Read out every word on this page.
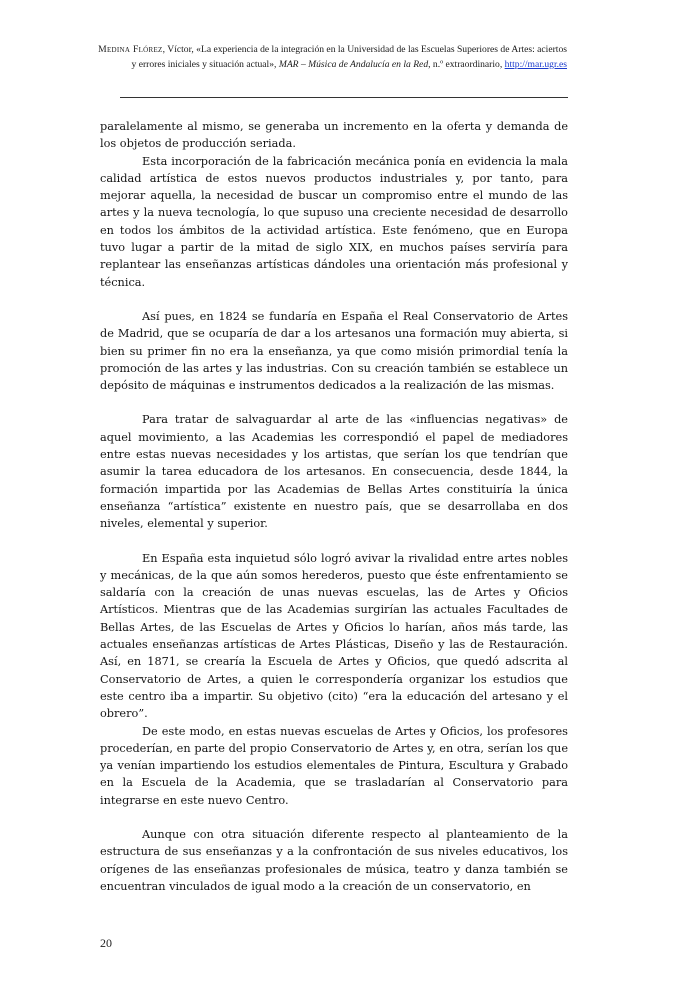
Medina Flórez, Víctor, «La experiencia de la integración en la Universidad de las Escuelas Superiores de Artes: aciertos y errores iniciales y situación actual», MAR – Música de Andalucía en la Red, n.º extraordinario, http://mar.ugr.es

paralelamente al mismo, se generaba un incremento en la oferta y demanda de los objetos de producción seriada.

Esta incorporación de la fabricación mecánica ponía en evidencia la mala calidad artística de estos nuevos productos industriales y, por tanto, para mejorar aquella, la necesidad de buscar un compromiso entre el mundo de las artes y la nueva tecnología, lo que supuso una creciente necesidad de desarrollo en todos los ámbitos de la actividad artística. Este fenómeno, que en Europa tuvo lugar a partir de la mitad de siglo XIX, en muchos países serviría para replantear las enseñanzas artísticas dándoles una orientación más profesional y técnica.

Así pues, en 1824 se fundaría en España el Real Conservatorio de Artes de Madrid, que se ocuparía de dar a los artesanos una formación muy abierta, si bien su primer fin no era la enseñanza, ya que como misión primordial tenía la promoción de las artes y las industrias. Con su creación también se establece un depósito de máquinas e instrumentos dedicados a la realización de las mismas.

Para tratar de salvaguardar al arte de las «influencias negativas» de aquel movimiento, a las Academias les correspondió el papel de mediadores entre estas nuevas necesidades y los artistas, que serían los que tendrían que asumir la tarea educadora de los artesanos. En consecuencia, desde 1844, la formación impartida por las Academias de Bellas Artes constituiría la única enseñanza “artística” existente en nuestro país, que se desarrollaba en dos niveles, elemental y superior.

En España esta inquietud sólo logró avivar la rivalidad entre artes nobles y mecánicas, de la que aún somos herederos, puesto que éste enfrentamiento se saldaría con la creación de unas nuevas escuelas, las de Artes y Oficios Artísticos. Mientras que de las Academias surgirían las actuales Facultades de Bellas Artes, de las Escuelas de Artes y Oficios lo harían, años más tarde, las actuales enseñanzas artísticas de Artes Plásticas, Diseño y las de Restauración. Así, en 1871, se crearía la Escuela de Artes y Oficios, que quedó adscrita al Conservatorio de Artes, a quien le correspondería organizar los estudios que este centro iba a impartir. Su objetivo (cito) “era la educación del artesano y el obrero”.

De este modo, en estas nuevas escuelas de Artes y Oficios, los profesores procederían, en parte del propio Conservatorio de Artes y, en otra, serían los que ya venían impartiendo los estudios elementales de Pintura, Escultura y Grabado en la Escuela de la Academia, que se trasladarían al Conservatorio para integrarse en este nuevo Centro.

Aunque con otra situación diferente respecto al planteamiento de la estructura de sus enseñanzas y a la confrontación de sus niveles educativos, los orígenes de las enseñanzas profesionales de música, teatro y danza también se encuentran vinculados de igual modo a la creación de un conservatorio, en

20
